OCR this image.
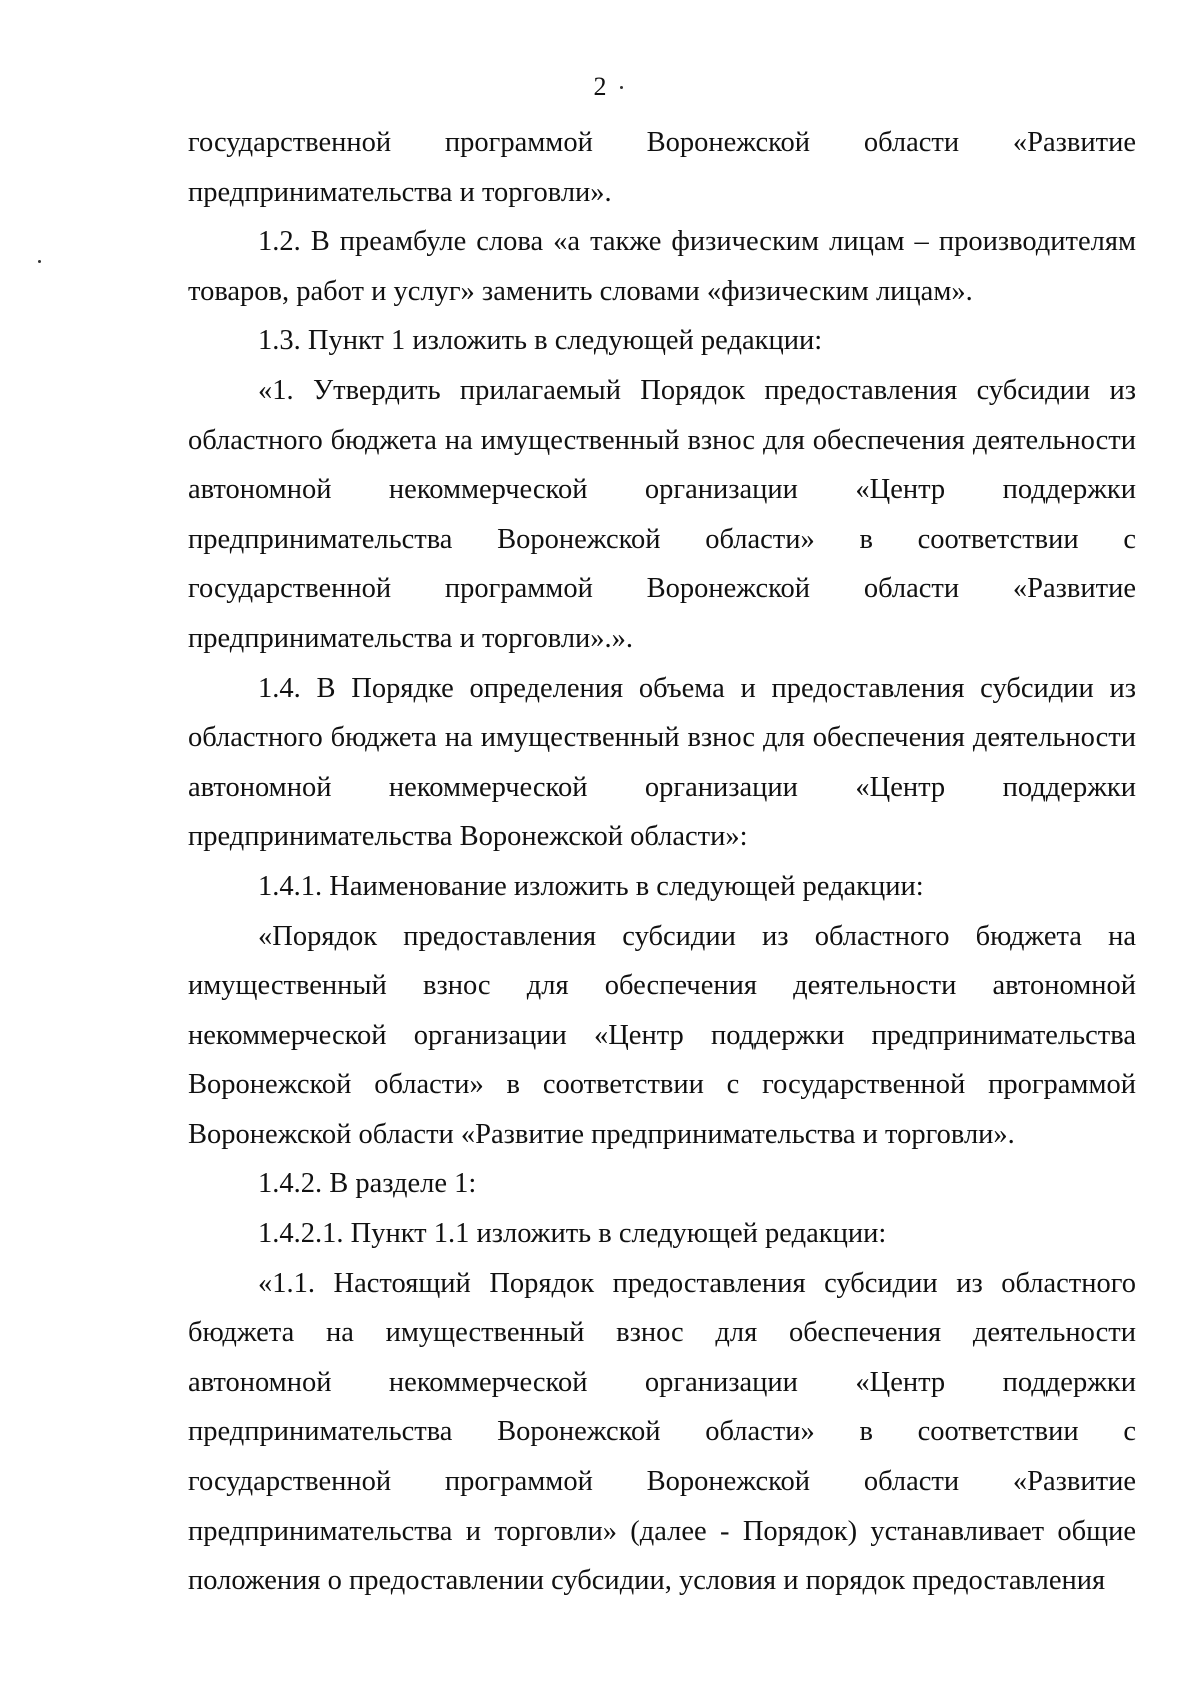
2

государственной программой Воронежской области «Развитие предпринимательства и торговли».

1.2. В преамбуле слова «а также физическим лицам – производителям товаров, работ и услуг» заменить словами «физическим лицам».

1.3. Пункт 1 изложить в следующей редакции:

«1. Утвердить прилагаемый Порядок предоставления субсидии из областного бюджета на имущественный взнос для обеспечения деятельности автономной некоммерческой организации «Центр поддержки предпринимательства Воронежской области» в соответствии с государственной программой Воронежской области «Развитие предпринимательства и торговли».».

1.4. В Порядке определения объема и предоставления субсидии из областного бюджета на имущественный взнос для обеспечения деятельности автономной некоммерческой организации «Центр поддержки предпринимательства Воронежской области»:

1.4.1. Наименование изложить в следующей редакции:

«Порядок предоставления субсидии из областного бюджета на имущественный взнос для обеспечения деятельности автономной некоммерческой организации «Центр поддержки предпринимательства Воронежской области» в соответствии с государственной программой Воронежской области «Развитие предпринимательства и торговли».

1.4.2. В разделе 1:

1.4.2.1. Пункт 1.1 изложить в следующей редакции:

«1.1. Настоящий Порядок предоставления субсидии из областного бюджета на имущественный взнос для обеспечения деятельности автономной некоммерческой организации «Центр поддержки предпринимательства Воронежской области» в соответствии с государственной программой Воронежской области «Развитие предпринимательства и торговли» (далее - Порядок) устанавливает общие положения о предоставлении субсидии, условия и порядок предоставления
